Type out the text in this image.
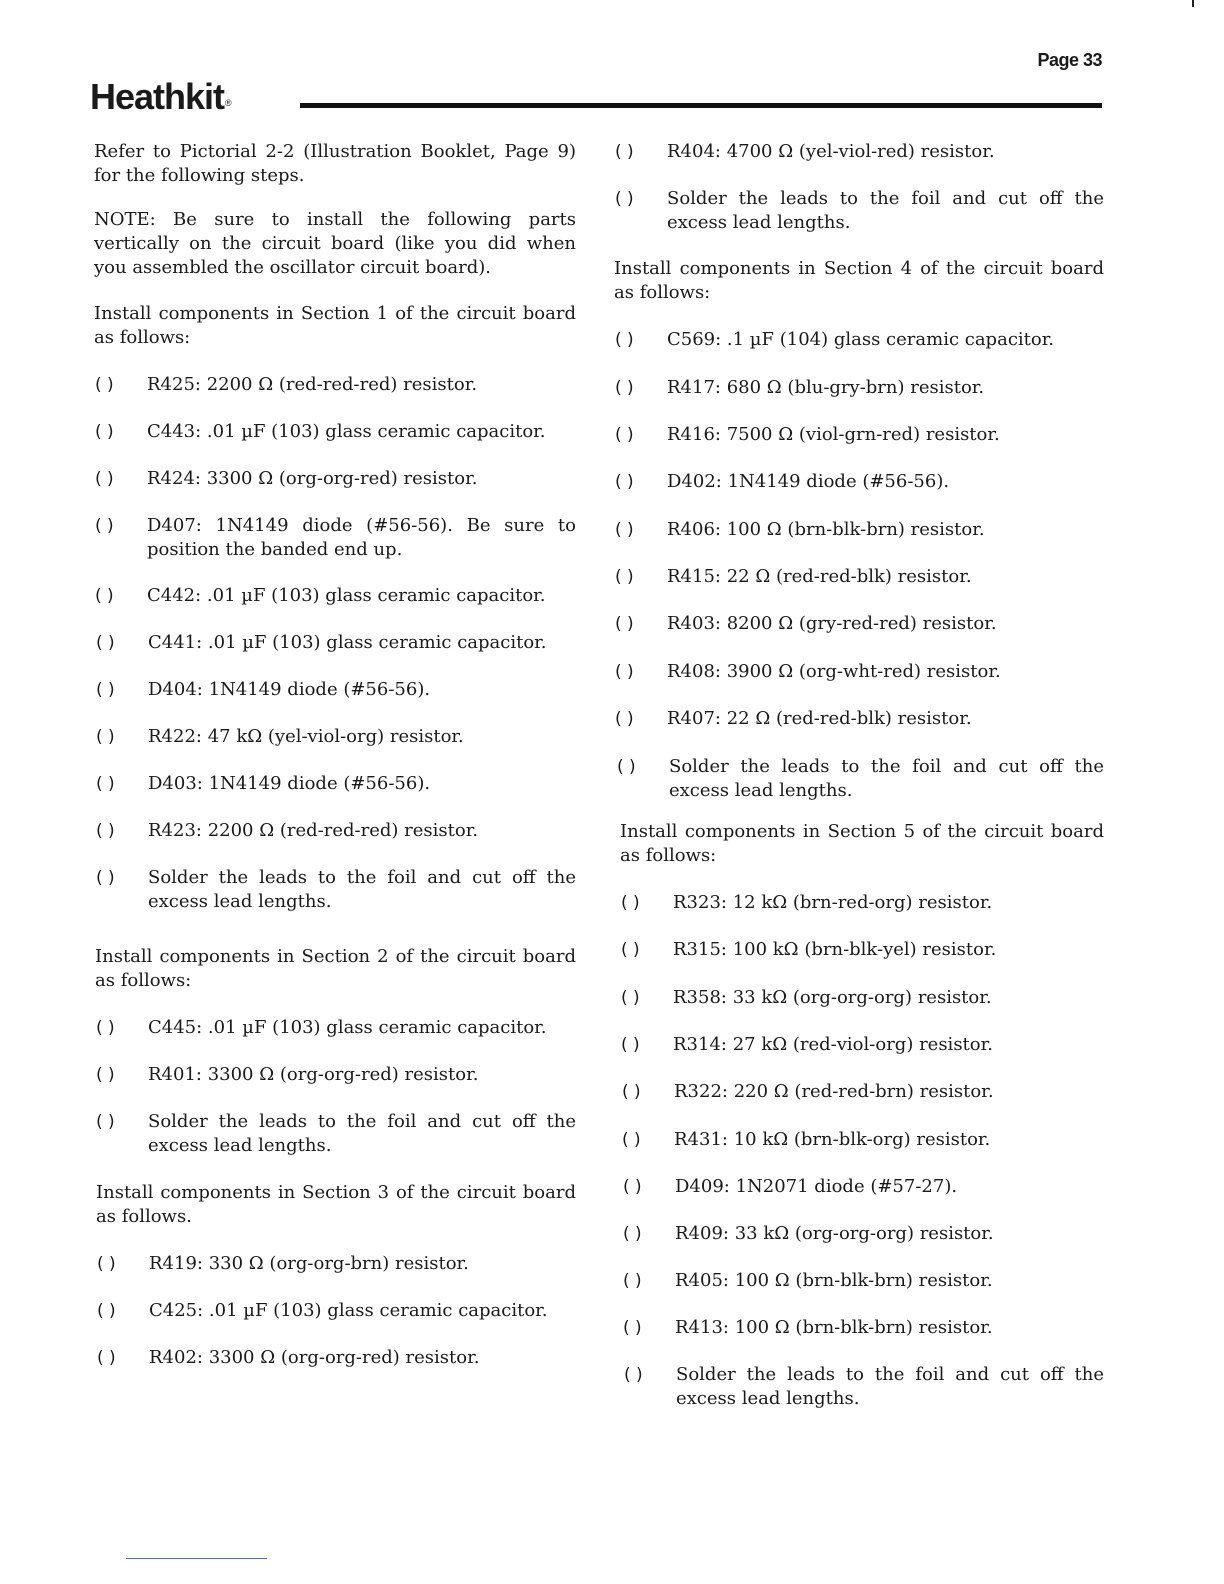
Page 33
Heathkit®
Refer to Pictorial 2-2 (Illustration Booklet, Page 9) for the following steps.
NOTE: Be sure to install the following parts vertically on the circuit board (like you did when you assembled the oscillator circuit board).
Install components in Section 1 of the circuit board as follows:
( ) R425: 2200 Ω (red-red-red) resistor.
( ) C443: .01 µF (103) glass ceramic capacitor.
( ) R424: 3300 Ω (org-org-red) resistor.
( ) D407: 1N4149 diode (#56-56). Be sure to position the banded end up.
( ) C442: .01 µF (103) glass ceramic capacitor.
( ) C441: .01 µF (103) glass ceramic capacitor.
( ) D404: 1N4149 diode (#56-56).
( ) R422: 47 kΩ (yel-viol-org) resistor.
( ) D403: 1N4149 diode (#56-56).
( ) R423: 2200 Ω (red-red-red) resistor.
( ) Solder the leads to the foil and cut off the excess lead lengths.
Install components in Section 2 of the circuit board as follows:
( ) C445: .01 µF (103) glass ceramic capacitor.
( ) R401: 3300 Ω (org-org-red) resistor.
( ) Solder the leads to the foil and cut off the excess lead lengths.
Install components in Section 3 of the circuit board as follows.
( ) R419: 330 Ω (org-org-brn) resistor.
( ) C425: .01 µF (103) glass ceramic capacitor.
( ) R402: 3300 Ω (org-org-red) resistor.
( ) R404: 4700 Ω (yel-viol-red) resistor.
( ) Solder the leads to the foil and cut off the excess lead lengths.
Install components in Section 4 of the circuit board as follows:
( ) C569: .1 µF (104) glass ceramic capacitor.
( ) R417: 680 Ω (blu-gry-brn) resistor.
( ) R416: 7500 Ω (viol-grn-red) resistor.
( ) D402: 1N4149 diode (#56-56).
( ) R406: 100 Ω (brn-blk-brn) resistor.
( ) R415: 22 Ω (red-red-blk) resistor.
( ) R403: 8200 Ω (gry-red-red) resistor.
( ) R408: 3900 Ω (org-wht-red) resistor.
( ) R407: 22 Ω (red-red-blk) resistor.
( ) Solder the leads to the foil and cut off the excess lead lengths.
Install components in Section 5 of the circuit board as follows:
( ) R323: 12 kΩ (brn-red-org) resistor.
( ) R315: 100 kΩ (brn-blk-yel) resistor.
( ) R358: 33 kΩ (org-org-org) resistor.
( ) R314: 27 kΩ (red-viol-org) resistor.
( ) R322: 220 Ω (red-red-brn) resistor.
( ) R431: 10 kΩ (brn-blk-org) resistor.
( ) D409: 1N2071 diode (#57-27).
( ) R409: 33 kΩ (org-org-org) resistor.
( ) R405: 100 Ω (brn-blk-brn) resistor.
( ) R413: 100 Ω (brn-blk-brn) resistor.
( ) Solder the leads to the foil and cut off the excess lead lengths.
